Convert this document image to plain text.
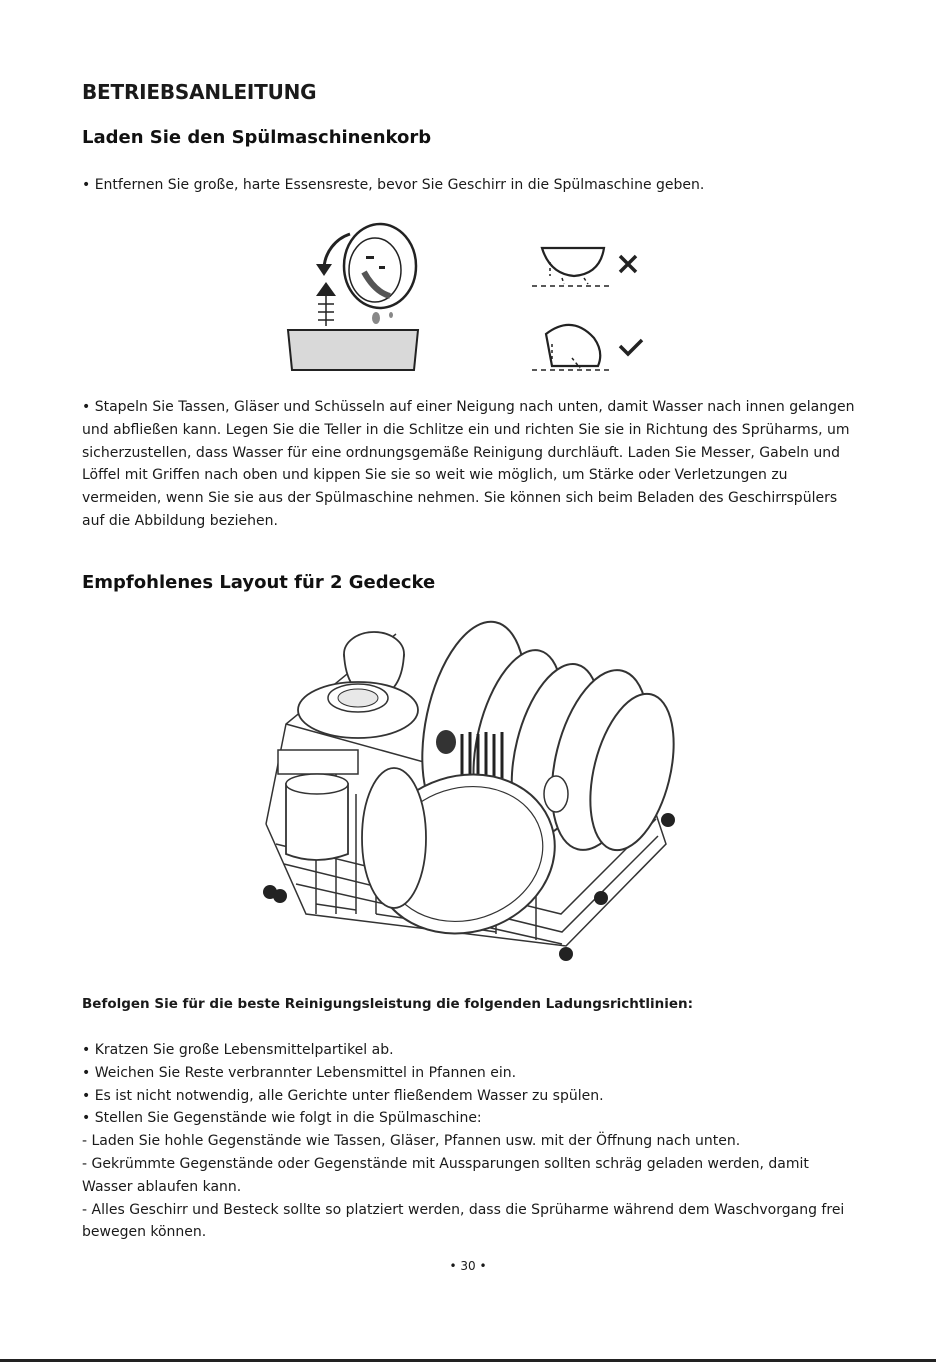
BETRIEBSANLEITUNG
Laden Sie den Spülmaschinenkorb
• Entfernen Sie große, harte Essensreste, bevor Sie Geschirr in die Spülmaschine geben.
• Stapeln Sie Tassen, Gläser und Schüsseln auf einer Neigung nach unten, damit Wasser nach innen gelangen und abfließen kann. Legen Sie die Teller in die Schlitze ein und richten Sie sie in Richtung des Sprüharms, um sicherzustellen, dass Wasser für eine ordnungsgemäße Reinigung durchläuft. Laden Sie Messer, Gabeln und Löffel mit Griffen nach oben und kippen Sie sie so weit wie möglich, um Stärke oder Verletzungen zu vermeiden, wenn Sie sie aus der Spülmaschine nehmen. Sie können sich beim Beladen des Geschirrspülers auf die Abbildung beziehen.
Empfohlenes Layout für 2 Gedecke
Befolgen Sie für die beste Reinigungsleistung die folgenden Ladungsrichtlinien:
• Kratzen Sie große Lebensmittelpartikel ab.
• Weichen Sie Reste verbrannter Lebensmittel in Pfannen ein.
• Es ist nicht notwendig, alle Gerichte unter fließendem Wasser zu spülen.
• Stellen Sie Gegenstände wie folgt in die Spülmaschine:
- Laden Sie hohle Gegenstände wie Tassen, Gläser, Pfannen usw. mit der Öffnung nach unten.
- Gekrümmte Gegenstände oder Gegenstände mit Aussparungen sollten schräg geladen werden, damit Wasser ablaufen kann.
- Alles Geschirr und Besteck sollte so platziert werden, dass die Sprüharme während dem Waschvorgang frei bewegen können.
• 30 •
